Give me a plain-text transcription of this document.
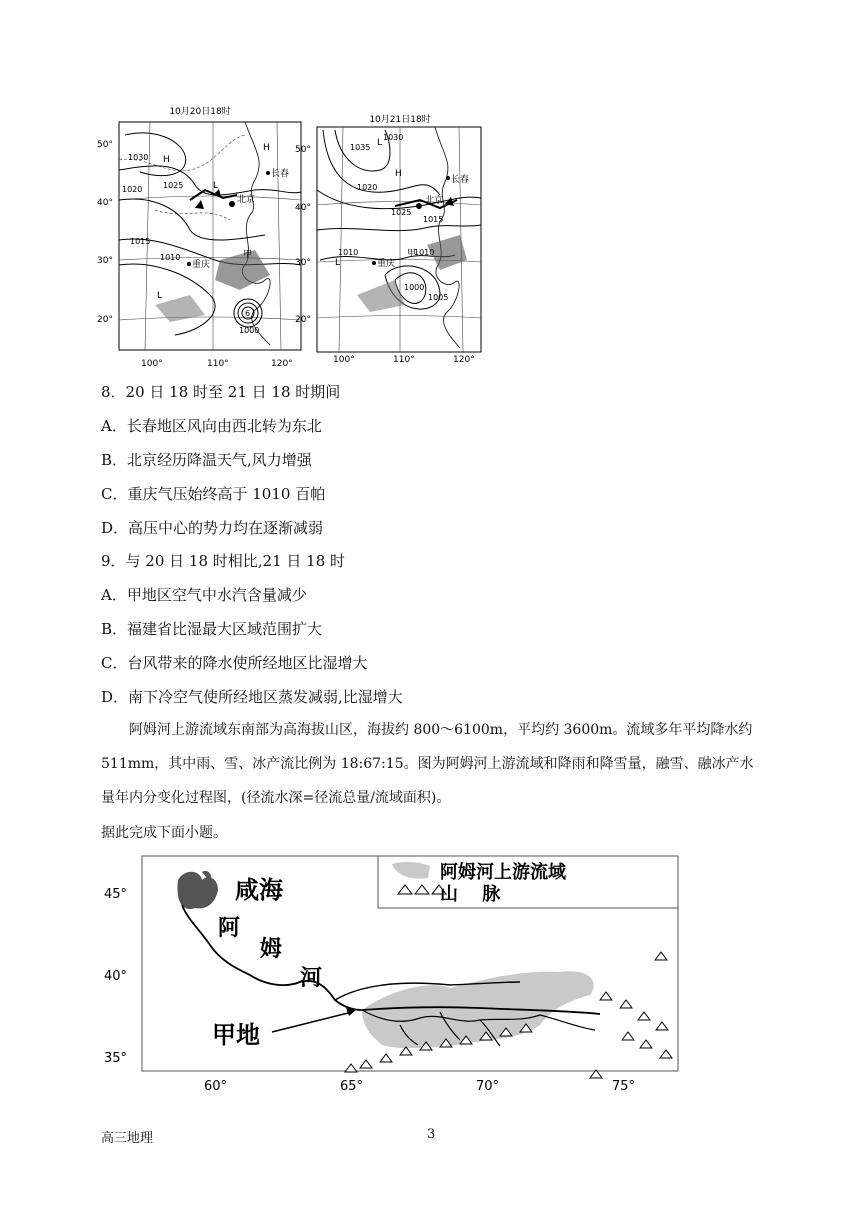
10月20日18时
50°
40°
30°
20°
100°	110°	120°
6
1030
1025
1020
1015
1010
1000
H
H
L
L
北京
长春
重庆
甲
10月21日18时
50°
40°
30°
20°
100°	110°	120°
1035
1030
1025
1020
1015
1010	1010
1005
1000
H
L
L
北京
长春
重庆
甲
8．20 日 18 时至 21 日 18 时期间
A．长春地区风向由西北转为东北
B．北京经历降温天气,风力增强
C．重庆气压始终高于 1010 百帕
D．高压中心的势力均在逐渐减弱
9．与 20 日 18 时相比,21 日 18 时
A．甲地区空气中水汽含量减少
B．福建省比湿最大区域范围扩大
C．台风带来的降水使所经地区比湿增大
D．南下冷空气使所经地区蒸发减弱,比湿增大
阿姆河上游流域东南部为高海拔山区，海拔约 800～6100m，平均约 3600m。流域多年平均降水约 511mm，其中雨、雪、冰产流比例为 18:67:15。图为阿姆河上游流域和降雨和降雪量，融雪、融冰产水量年内分变化过程图，(径流水深=径流总量/流域面积)。
据此完成下面小题。
45°
40°
35°
60°	65°	70°	75°
咸海
阿
姆
河
甲地
阿姆河上游流域
山　 脉
高三地理	3
